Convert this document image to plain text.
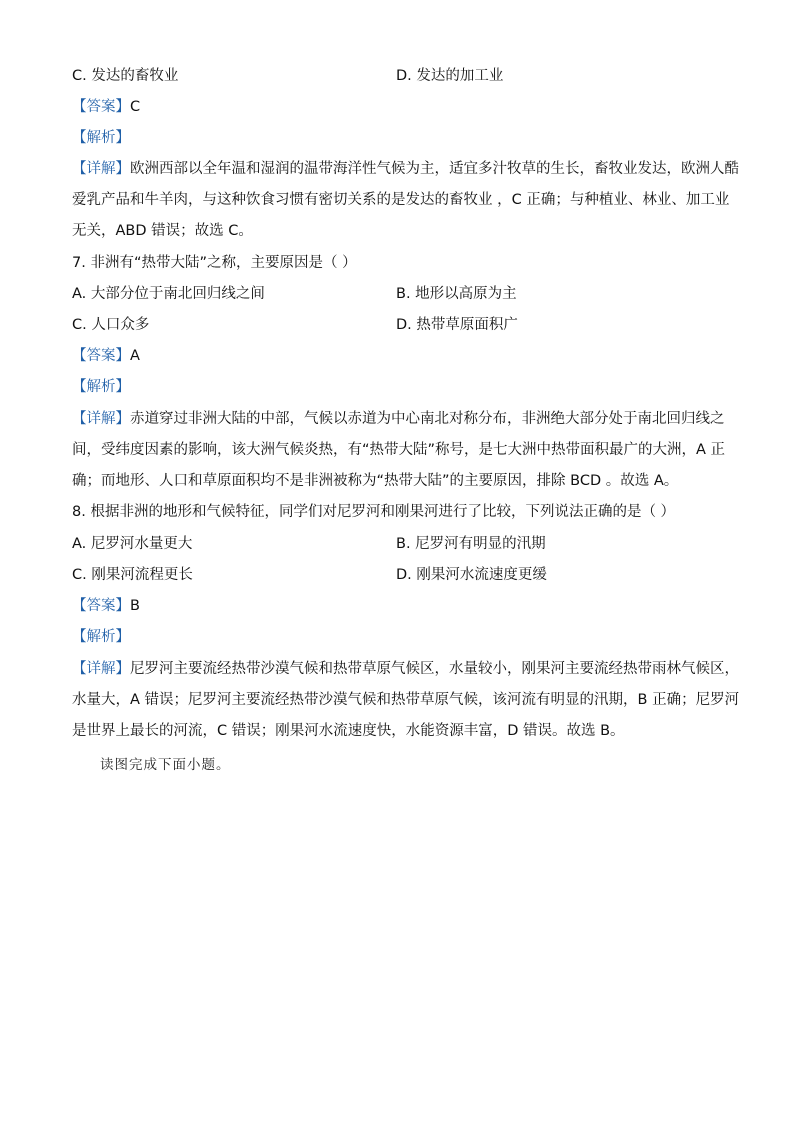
C. 发达的畜牧业	D. 发达的加工业
【答案】C
【解析】
【详解】欧洲西部以全年温和湿润的温带海洋性气候为主，适宜多汁牧草的生长，畜牧业发达，欧洲人酷
爱乳产品和牛羊肉，与这种饮食习惯有密切关系的是发达的畜牧业 ，C 正确；与种植业、林业、加工业
无关，ABD 错误；故选 C。
7. 非洲有“热带大陆”之称，主要原因是（ ）
A. 大部分位于南北回归线之间	B. 地形以高原为主
C. 人口众多	D. 热带草原面积广
【答案】A
【解析】
【详解】赤道穿过非洲大陆的中部，气候以赤道为中心南北对称分布，非洲绝大部分处于南北回归线之
间，受纬度因素的影响，该大洲气候炎热，有“热带大陆”称号，是七大洲中热带面积最广的大洲，A 正
确；而地形、人口和草原面积均不是非洲被称为“热带大陆”的主要原因，排除 BCD 。故选 A。
8. 根据非洲的地形和气候特征，同学们对尼罗河和刚果河进行了比较，下列说法正确的是（ ）
A. 尼罗河水量更大	B. 尼罗河有明显的汛期
C. 刚果河流程更长	D. 刚果河水流速度更缓
【答案】B
【解析】
【详解】尼罗河主要流经热带沙漠气候和热带草原气候区，水量较小，刚果河主要流经热带雨林气候区，
水量大，A 错误；尼罗河主要流经热带沙漠气候和热带草原气候，该河流有明显的汛期，B 正确；尼罗河
是世界上最长的河流，C 错误；刚果河水流速度快，水能资源丰富，D 错误。故选 B。
读图完成下面小题。
